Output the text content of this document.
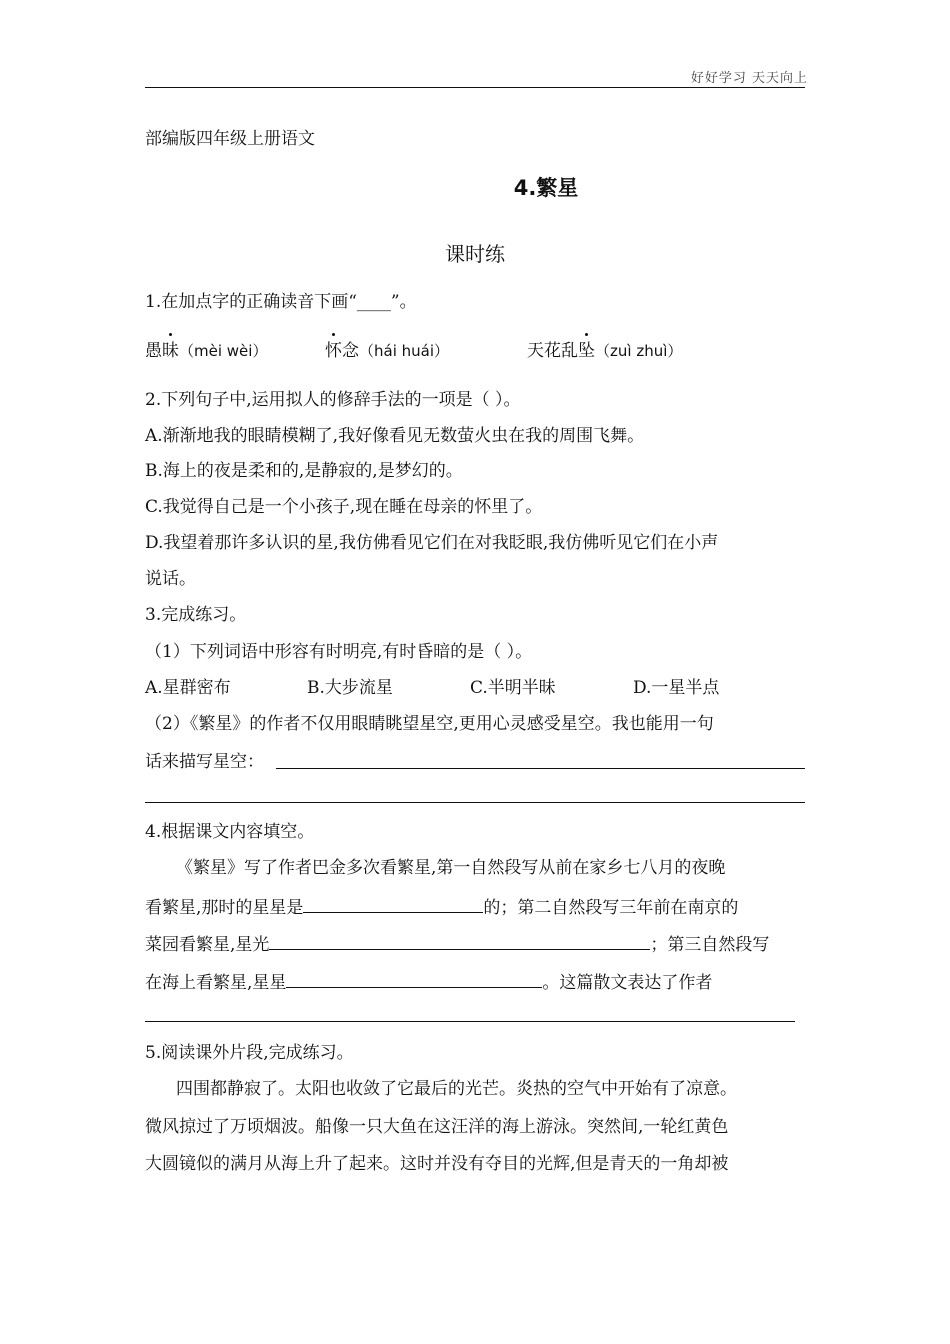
好好学习 天天向上
部编版四年级上册语文
4.繁星
课时练
1.在加点字的正确读音下画“____”。
愚昧（mèi wèi）	怀念（hái huái）	天花乱坠（zuì zhuì）
2.下列句子中,运用拟人的修辞手法的一项是（ ）。
A.渐渐地我的眼睛模糊了,我好像看见无数萤火虫在我的周围飞舞。
B.海上的夜是柔和的,是静寂的,是梦幻的。
C.我觉得自己是一个小孩子,现在睡在母亲的怀里了。
D.我望着那许多认识的星,我仿佛看见它们在对我眨眼,我仿佛听见它们在小声
说话。
3.完成练习。
（1）下列词语中形容有时明亮,有时昏暗的是（ ）。
A.星群密布	B.大步流星	C.半明半昧	D.一星半点
（2）《繁星》的作者不仅用眼睛眺望星空,更用心灵感受星空。我也能用一句
话来描写星空：
4.根据课文内容填空。
《繁星》写了作者巴金多次看繁星,第一自然段写从前在家乡七八月的夜晚
看繁星,那时的星星是	的；第二自然段写三年前在南京的
菜园看繁星,星光	；第三自然段写
在海上看繁星,星星	。这篇散文表达了作者
5.阅读课外片段,完成练习。
四围都静寂了。太阳也收敛了它最后的光芒。炎热的空气中开始有了凉意。
微风掠过了万顷烟波。船像一只大鱼在这汪洋的海上游泳。突然间,一轮红黄色
大圆镜似的满月从海上升了起来。这时并没有夺目的光辉,但是青天的一角却被
